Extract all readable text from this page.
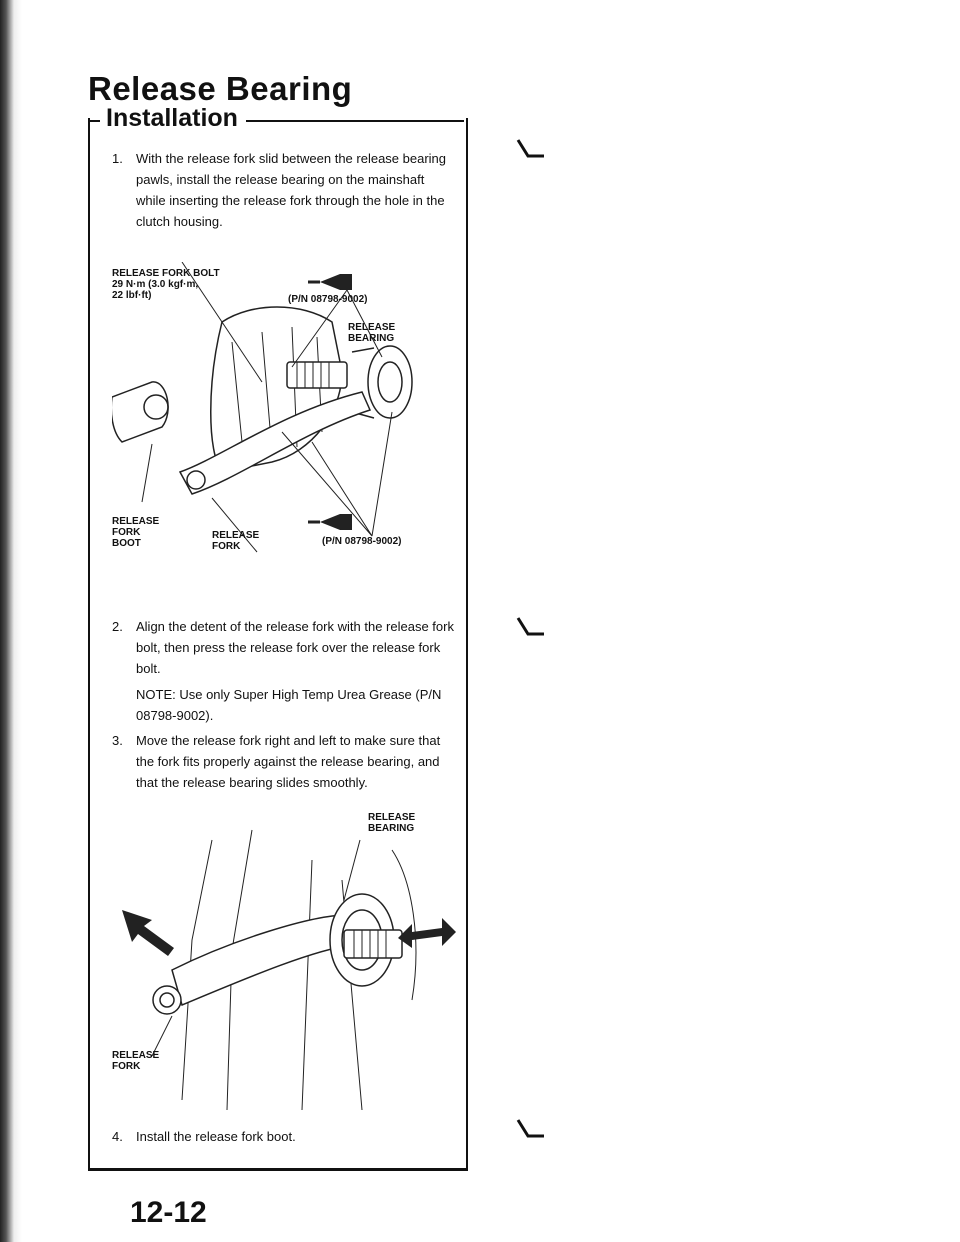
Release Bearing
Installation
1.	With the release fork slid between the release bearing pawls, install the release bearing on the mainshaft while inserting the release fork through the hole in the clutch housing.
RELEASE FORK BOLT
29 N·m (3.0 kgf·m,
22 lbf·ft)	(P/N 08798-9002)
RELEASE
BEARING
RELEASE
FORK
BOOT
RELEASE
FORK	(P/N 08798-9002)
2.	Align the detent of the release fork with the release fork bolt, then press the release fork over the release fork bolt.
NOTE: Use only Super High Temp Urea Grease (P/N 08798-9002).
3.	Move the release fork right and left to make sure that the fork fits properly against the release bearing, and that the release bearing slides smoothly.
RELEASE
BEARING
RELEASE
FORK
4.	Install the release fork boot.
12-12
